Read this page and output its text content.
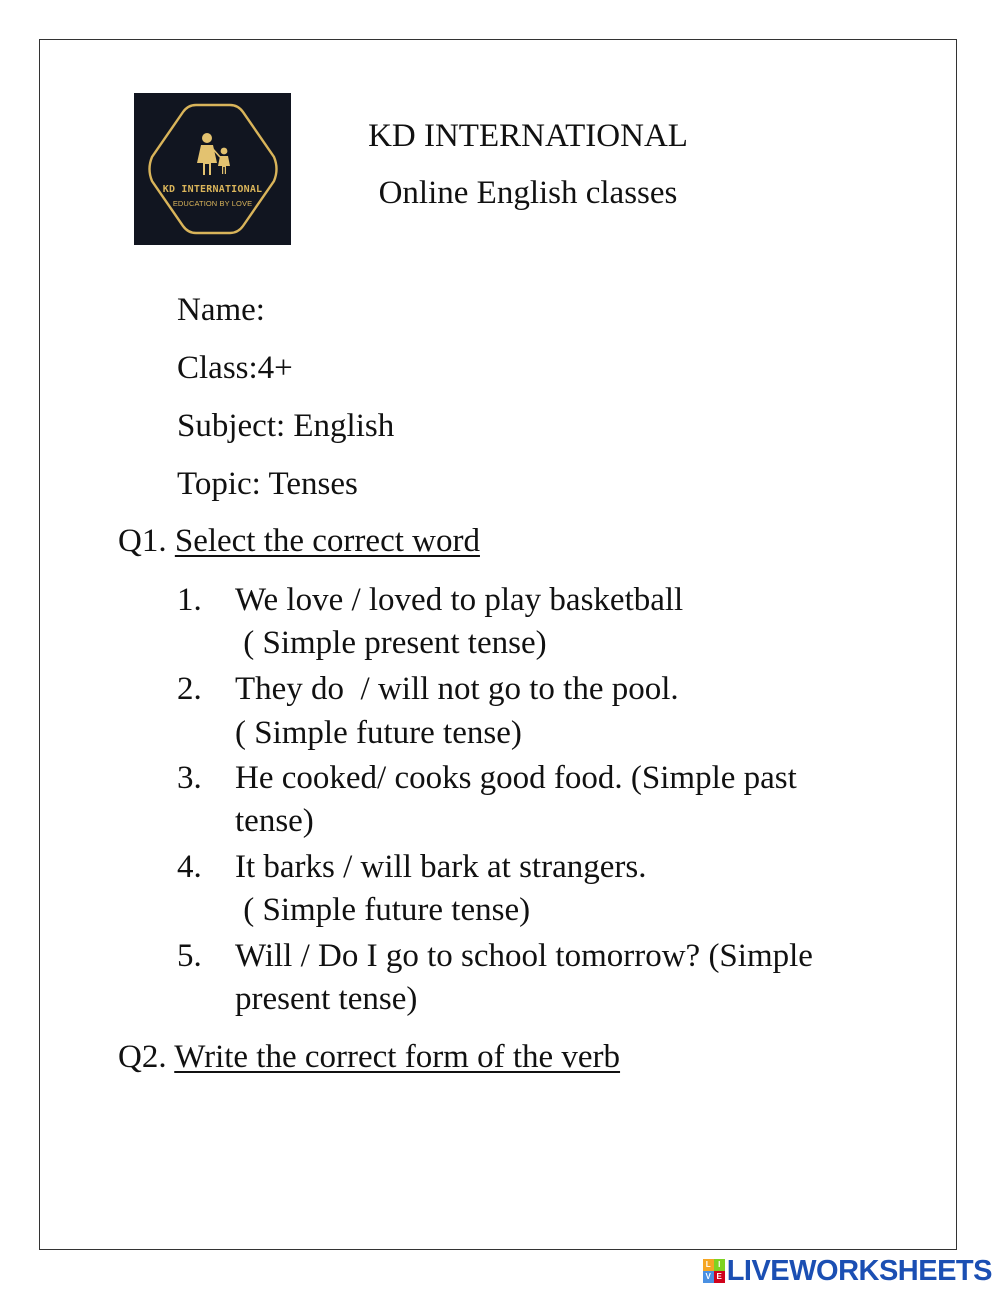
KD INTERNATIONAL
EDUCATION BY LOVE
KD INTERNATIONAL
Online English classes
Name:
Class:4+
Subject: English
Topic: Tenses
Q1. Select the correct word
1. We love / loved to play basketball
( Simple present tense)
2. They do  / will not go to the pool.
( Simple future tense)
3. He cooked/ cooks good food. (Simple past
tense)
4. It barks / will bark at strangers.
( Simple future tense)
5. Will / Do I go to school tomorrow? (Simple
present tense)
Q2. Write the correct form of the verb
L I
V E LIVEWORKSHEETS
